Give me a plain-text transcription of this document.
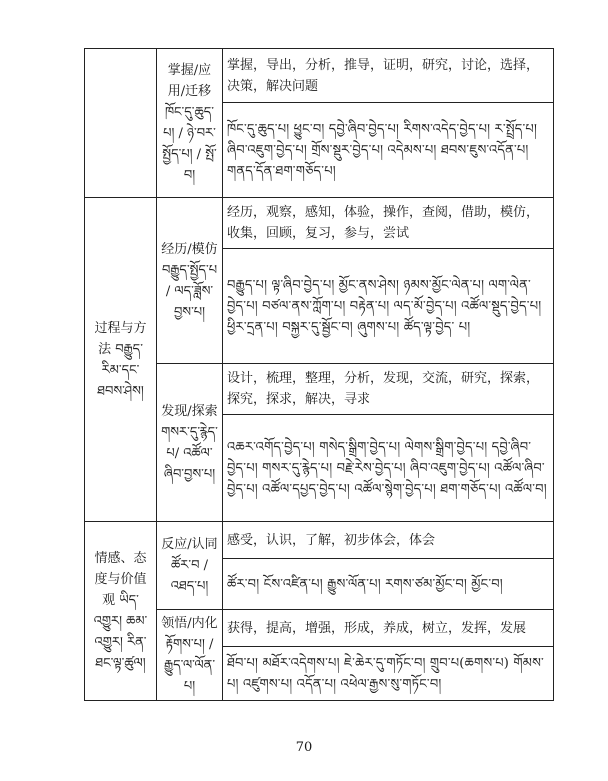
	掌握/应用/迁移 ཁོང་དུ་ཆུད་པ། / ཉེ་བར་སྤྱོད་པ། / སྤོ་བ།	掌握，导出，分析，推导，证明，研究，讨论，选择，决策，解决问题
		ཁོང་དུ་ཆུད་པ། ཕྱུང་བ། དབྱེ་ཞིབ་བྱེད་པ། རིགས་འདེད་བྱེད་པ། ར་སྤྲོད་པ། ཞིབ་འཇུག་བྱེད་པ། གྲོས་སྡུར་བྱེད་པ། འདེམས་པ། ཐབས་ཇུས་འདོན་པ། གནད་དོན་ཐག་གཅོད་པ།
过程与方法 བརྒྱུད་རིམ་དང་ཐབས་ཤེས།	经历/模仿 བརྒྱུད་སྤྱོད་པ / ལད་ཟློས་བྱས་པ།	经历，观察，感知，体验，操作，查阅，借助，模仿，收集，回顾，复习，参与，尝试
		བརྒྱུད་པ། ལྟ་ཞིབ་བྱེད་པ། མྱོང་ནས་ཤེས། ཉམས་མྱོང་ལེན་པ། ལག་ལེན་བྱེད་པ། བཙལ་ནས་ཀློག་པ། བརྟེན་པ། ལད་མོ་བྱེད་པ། འཚོལ་སྡུད་བྱེད་པ། ཕྱིར་དྲན་པ། བསྐྱར་དུ་སྦྱོང་བ། ཞུགས་པ། ཚོད་ལྟ་བྱེད་ པ།
	发现/探索 གསར་དུ་རྙེད་པ/ འཚོལ་ཞིབ་བྱས་པ།	设计，梳理，整理，分析，发现，交流，研究，探索，探究，探求，解决，寻求
		འཆར་འགོད་བྱེད་པ། གསེད་སྒྲིག་བྱེད་པ། ལེགས་སྒྲིག་བྱེད་པ། དབྱེ་ཞིབ་བྱེད་པ། གསར་དུ་རྙེད་པ། བརྗེ་རེས་བྱེད་པ། ཞིབ་འཇུག་བྱེད་པ། འཚོལ་ཞིབ་བྱེད་པ། འཚོལ་དཔྱད་བྱེད་པ། འཚོལ་སྙེག་བྱེད་པ། ཐག་གཅོད་པ། འཚོལ་བ།
情感、态度与价值观 ཡིད་འགྱུར། ཆམ་འགྱུར། རིན་ཐང་ལྟ་ཚུལ།	反应/认同 ཚོར་བ / འཐད་པ།	感受，认识，了解，初步体会，体会
		ཚོར་བ། ངོས་འཛིན་པ། རྒྱུས་ལོན་པ། རགས་ཙམ་མྱོང་བ། མྱོང་བ།
	领悟/内化 རྟོགས་པ། / རྒྱུད་ལ་ལོན་པ།	获得，提高，增强，形成，养成，树立，发挥，发展
		ཐོབ་པ། མཐོར་འདེགས་པ། ཇེ་ཆེར་དུ་གཏོང་བ། གྲུབ་པ(ཆགས་པ) གོམས་པ། འཛུགས་པ། འདོན་པ། འཕེལ་རྒྱས་སུ་གཏོང་བ།
70
